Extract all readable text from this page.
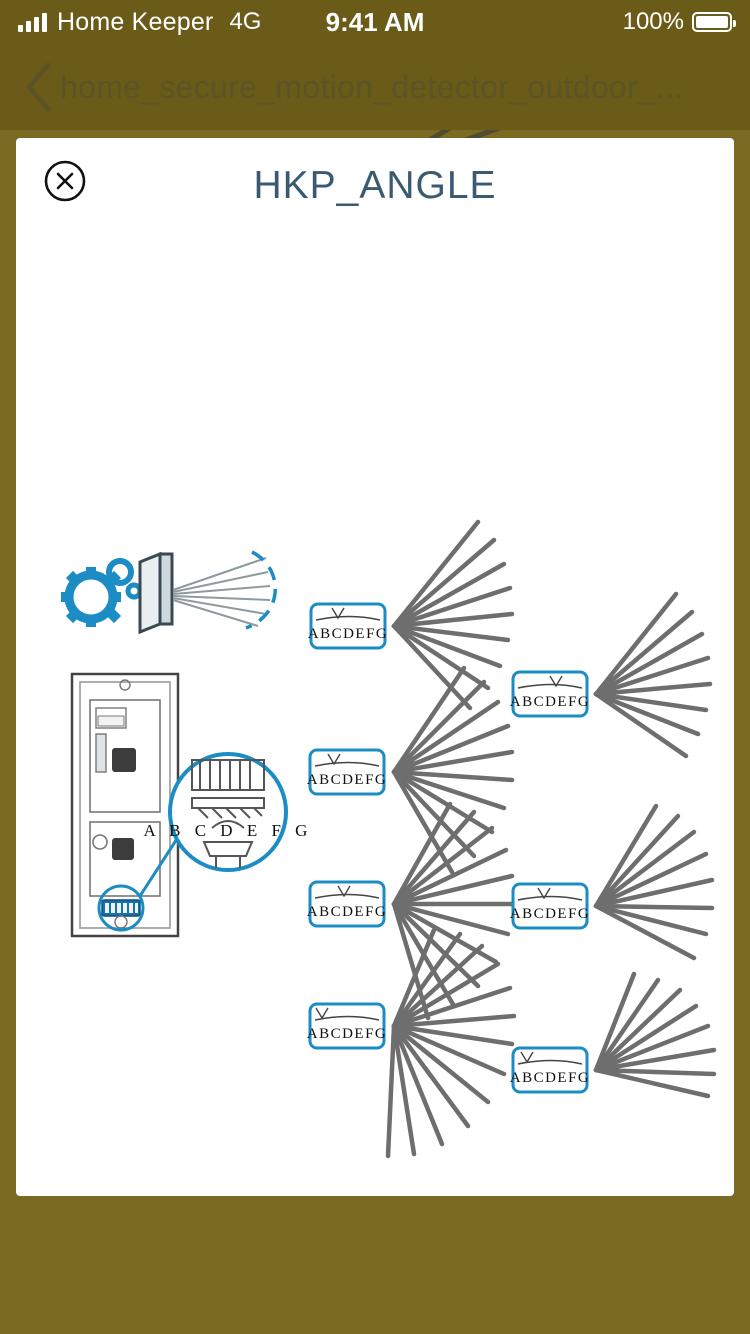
Home Keeper 4G	9:41 AM	100%
home_secure_motion_detector_outdoor_...
HKP_ANGLE
A B C D E F G
ABCDEFG
ABCDEFG
ABCDEFG
ABCDEFG
ABCDEFG
ABCDEFG
ABCDEFG
